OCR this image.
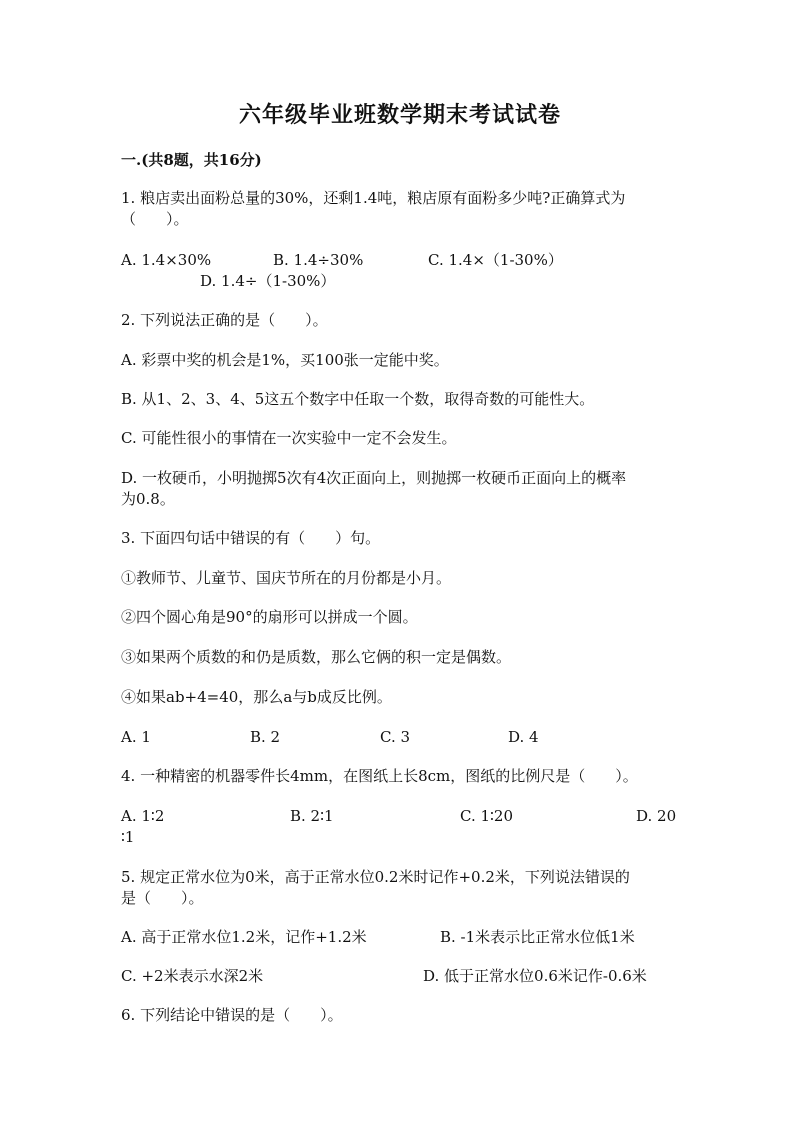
六年级毕业班数学期末考试试卷
一.(共8题，共16分)
1. 粮店卖出面粉总量的30%，还剩1.4吨，粮店原有面粉多少吨?正确算式为
（　　）。
A. 1.4×30%	B. 1.4÷30%	C. 1.4×（1-30%）
D. 1.4÷（1-30%）
2. 下列说法正确的是（　　）。
A. 彩票中奖的机会是1%，买100张一定能中奖。
B. 从1、2、3、4、5这五个数字中任取一个数，取得奇数的可能性大。
C. 可能性很小的事情在一次实验中一定不会发生。
D. 一枚硬币，小明抛掷5次有4次正面向上，则抛掷一枚硬币正面向上的概率
为0.8。
3. 下面四句话中错误的有（　　）句。
①教师节、儿童节、国庆节所在的月份都是小月。
②四个圆心角是90°的扇形可以拼成一个圆。
③如果两个质数的和仍是质数，那么它俩的积一定是偶数。
④如果ab+4=40，那么a与b成反比例。
A. 1	B. 2	C. 3	D. 4
4. 一种精密的机器零件长4mm，在图纸上长8cm，图纸的比例尺是（　　）。
A. 1∶2	B. 2∶1	C. 1∶20	D. 20
∶1
5. 规定正常水位为0米，高于正常水位0.2米时记作+0.2米，下列说法错误的
是（　　）。
A. 高于正常水位1.2米，记作+1.2米	B. -1米表示比正常水位低1米
C. +2米表示水深2米	D. 低于正常水位0.6米记作-0.6米
6. 下列结论中错误的是（　　）。
